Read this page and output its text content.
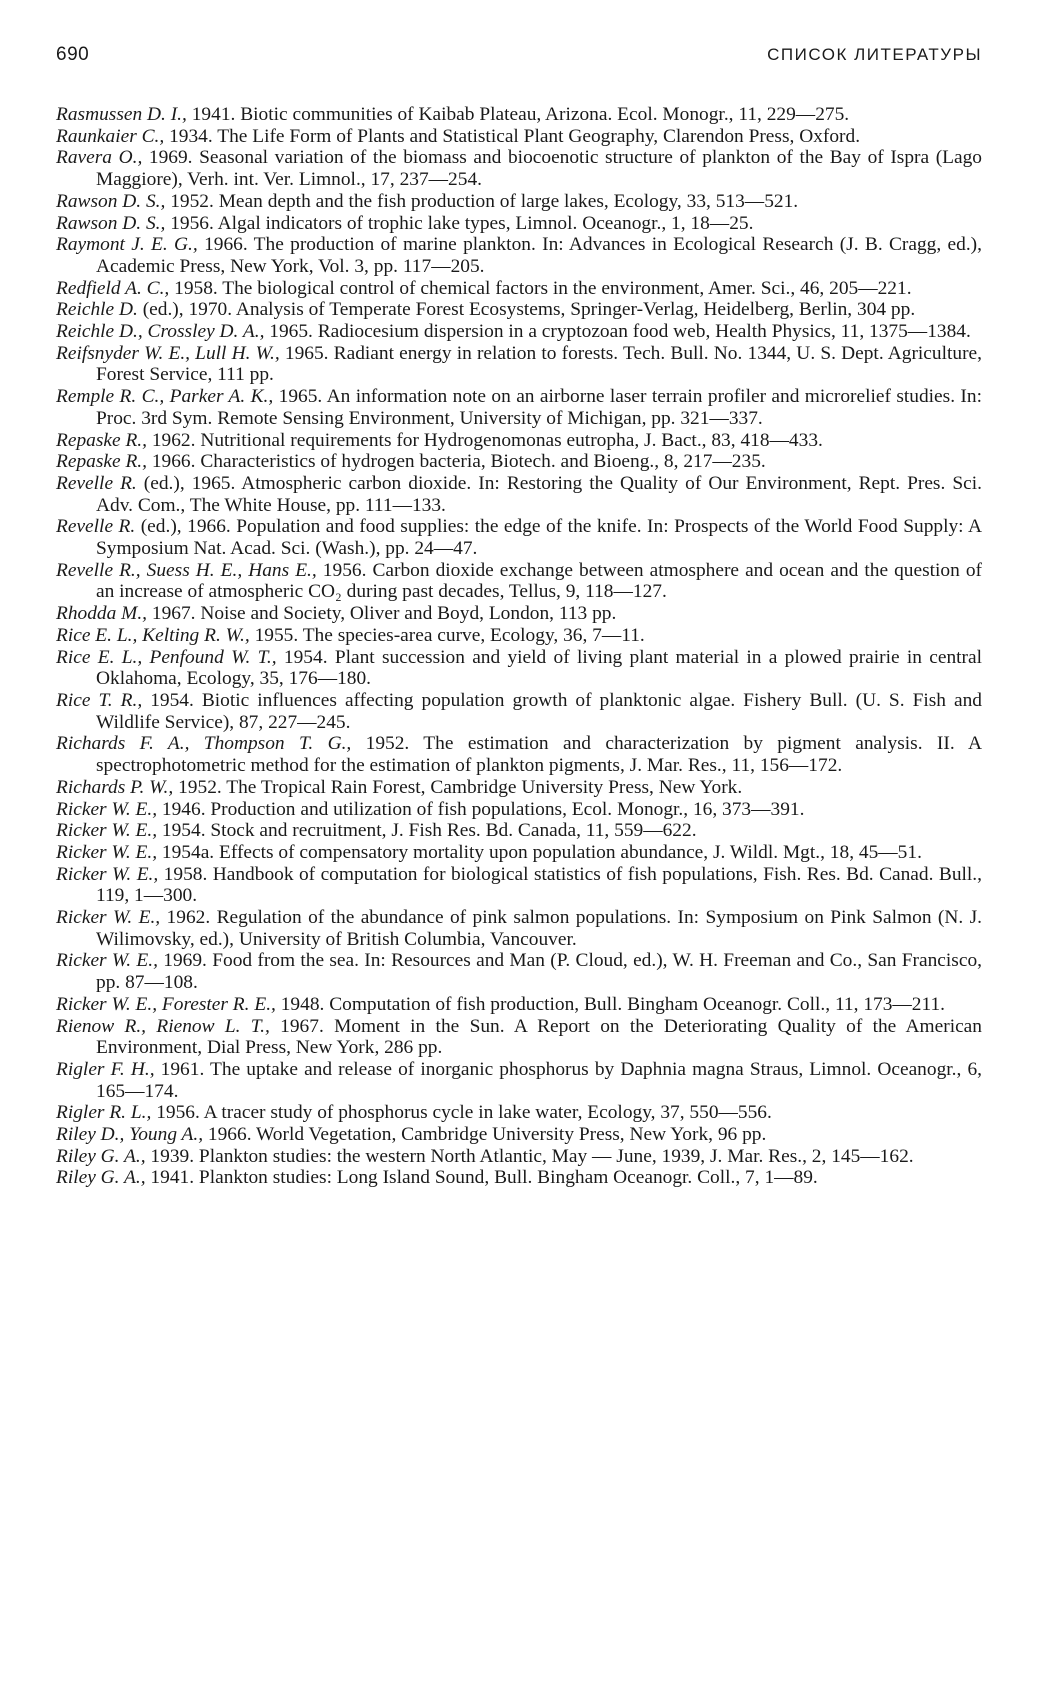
690	СПИСОК ЛИТЕРАТУРЫ

Rasmussen D. I., 1941. Biotic communities of Kaibab Plateau, Arizona. Ecol. Monogr., 11, 229—275.

Raunkaier C., 1934. The Life Form of Plants and Statistical Plant Geography, Clarendon Press, Oxford.

Ravera O., 1969. Seasonal variation of the biomass and biocoenotic structure of plankton of the Bay of Ispra (Lago Maggiore), Verh. int. Ver. Limnol., 17, 237—254.

Rawson D. S., 1952. Mean depth and the fish production of large lakes, Ecology, 33, 513—521.

Rawson D. S., 1956. Algal indicators of trophic lake types, Limnol. Oceanogr., 1, 18—25.

Raymont J. E. G., 1966. The production of marine plankton. In: Advances in Ecological Research (J. B. Cragg, ed.), Academic Press, New York, Vol. 3, pp. 117—205.

Redfield A. C., 1958. The biological control of chemical factors in the environment, Amer. Sci., 46, 205—221.

Reichle D. (ed.), 1970. Analysis of Temperate Forest Ecosystems, Springer-Verlag, Heidelberg, Berlin, 304 pp.

Reichle D., Crossley D. A., 1965. Radiocesium dispersion in a cryptozoan food web, Health Physics, 11, 1375—1384.

Reifsnyder W. E., Lull H. W., 1965. Radiant energy in relation to forests. Tech. Bull. No. 1344, U. S. Dept. Agriculture, Forest Service, 111 pp.

Remple R. C., Parker A. K., 1965. An information note on an airborne laser terrain profiler and microrelief studies. In: Proc. 3rd Sym. Remote Sensing Environment, University of Michigan, pp. 321—337.

Repaske R., 1962. Nutritional requirements for Hydrogenomonas eutropha, J. Bact., 83, 418—433.

Repaske R., 1966. Characteristics of hydrogen bacteria, Biotech. and Bioeng., 8, 217—235.

Revelle R. (ed.), 1965. Atmospheric carbon dioxide. In: Restoring the Quality of Our Environment, Rept. Pres. Sci. Adv. Com., The White House, pp. 111—133.

Revelle R. (ed.), 1966. Population and food supplies: the edge of the knife. In: Prospects of the World Food Supply: A Symposium Nat. Acad. Sci. (Wash.), pp. 24—47.

Revelle R., Suess H. E., Hans E., 1956. Carbon dioxide exchange between atmosphere and ocean and the question of an increase of atmospheric CO₂ during past decades, Tellus, 9, 118—127.

Rhodda M., 1967. Noise and Society, Oliver and Boyd, London, 113 pp.

Rice E. L., Kelting R. W., 1955. The species-area curve, Ecology, 36, 7—11.

Rice E. L., Penfound W. T., 1954. Plant succession and yield of living plant material in a plowed prairie in central Oklahoma, Ecology, 35, 176—180.

Rice T. R., 1954. Biotic influences affecting population growth of planktonic algae. Fishery Bull. (U. S. Fish and Wildlife Service), 87, 227—245.

Richards F. A., Thompson T. G., 1952. The estimation and characterization by pigment analysis. II. A spectrophotometric method for the estimation of plankton pigments, J. Mar. Res., 11, 156—172.

Richards P. W., 1952. The Tropical Rain Forest, Cambridge University Press, New York.

Ricker W. E., 1946. Production and utilization of fish populations, Ecol. Monogr., 16, 373—391.

Ricker W. E., 1954. Stock and recruitment, J. Fish Res. Bd. Canada, 11, 559—622.

Ricker W. E., 1954a. Effects of compensatory mortality upon population abundance, J. Wildl. Mgt., 18, 45—51.

Ricker W. E., 1958. Handbook of computation for biological statistics of fish populations, Fish. Res. Bd. Canad. Bull., 119, 1—300.

Ricker W. E., 1962. Regulation of the abundance of pink salmon populations. In: Symposium on Pink Salmon (N. J. Wilimovsky, ed.), University of British Columbia, Vancouver.

Ricker W. E., 1969. Food from the sea. In: Resources and Man (P. Cloud, ed.), W. H. Freeman and Co., San Francisco, pp. 87—108.

Ricker W. E., Forester R. E., 1948. Computation of fish production, Bull. Bingham Oceanogr. Coll., 11, 173—211.

Rienow R., Rienow L. T., 1967. Moment in the Sun. A Report on the Deteriorating Quality of the American Environment, Dial Press, New York, 286 pp.

Rigler F. H., 1961. The uptake and release of inorganic phosphorus by Daphnia magna Straus, Limnol. Oceanogr., 6, 165—174.

Rigler R. L., 1956. A tracer study of phosphorus cycle in lake water, Ecology, 37, 550—556.

Riley D., Young A., 1966. World Vegetation, Cambridge University Press, New York, 96 pp.

Riley G. A., 1939. Plankton studies: the western North Atlantic, May — June, 1939, J. Mar. Res., 2, 145—162.

Riley G. A., 1941. Plankton studies: Long Island Sound, Bull. Bingham Oceanogr. Coll., 7, 1—89.
